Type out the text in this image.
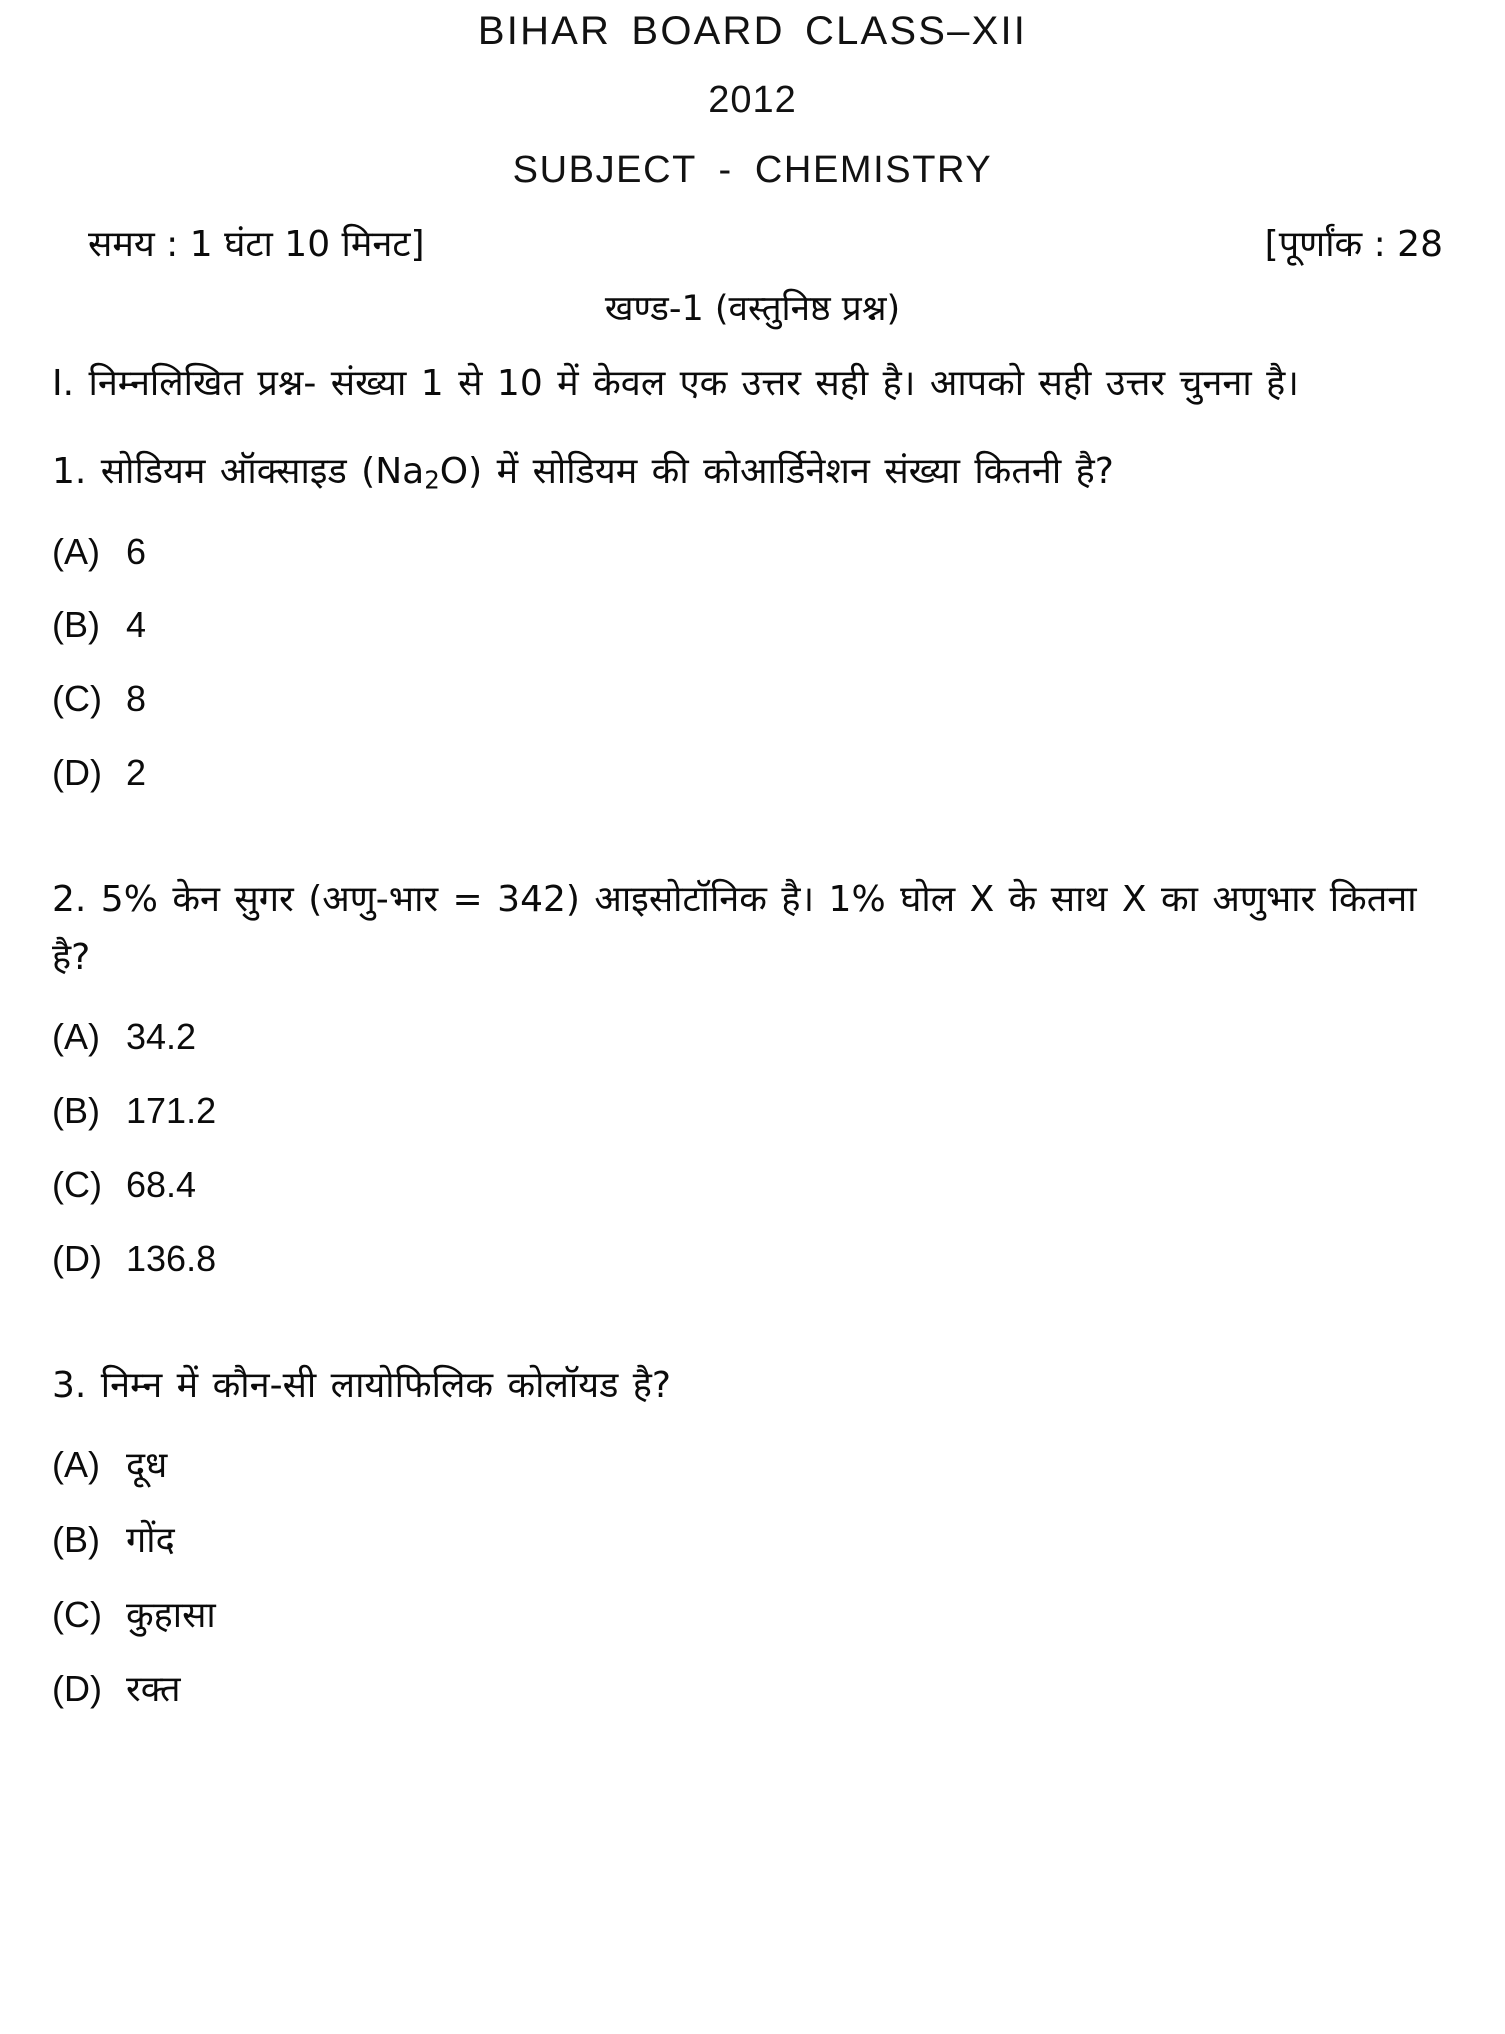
BIHAR BOARD CLASS–XII
2012
SUBJECT - CHEMISTRY
समय : 1 घंटा 10 मिनट]	[पूर्णांक : 28
खण्ड-1 (वस्तुनिष्ठ प्रश्न)
I. निम्नलिखित प्रश्न- संख्या 1 से 10 में केवल एक उत्तर सही है। आपको सही उत्तर चुनना है।
1. सोडियम ऑक्साइड $(Na_2O)$ में सोडियम की कोआर्डिनेशन संख्या कितनी है?
(A) 6
(B) 4
(C) 8
(D) 2
2. 5% केन सुगर (अणु-भार = 342) आइसोटॉनिक है। 1% घोल X के साथ X का अणुभार कितना है?
(A) 34.2
(B) 171.2
(C) 68.4
(D) 136.8
3. निम्न में कौन-सी लायोफिलिक कोलॉयड है?
(A) दूध
(B) गोंद
(C) कुहासा
(D) रक्त
